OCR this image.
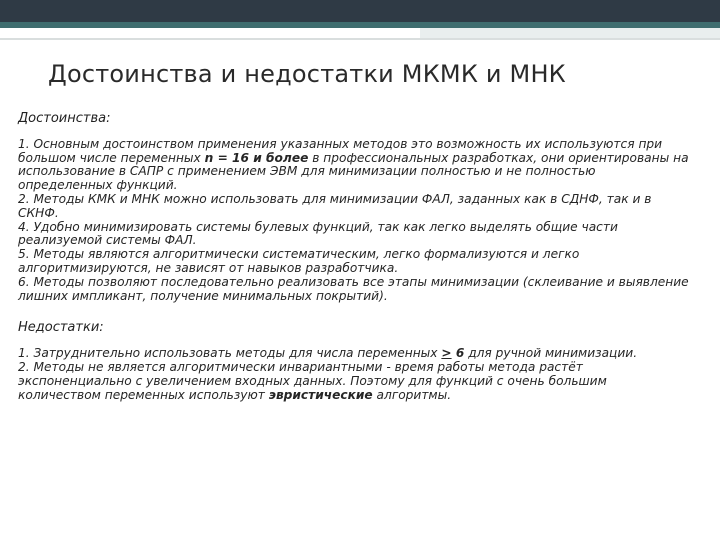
Достоинства и недостатки МКМК и МНК

Достоинства:

1. Основным достоинством применения указанных методов это возможность их используются при большом числе переменных n = 16 и более в профессиональных разработках, они ориентированы на использование в САПР с применением ЭВМ для минимизации полностью и не полностью определенных функций.

2. Методы КМК и МНК можно использовать для минимизации ФАЛ, заданных как в СДНФ, так и в СКНФ.

4. Удобно минимизировать системы булевых функций, так как легко выделять общие части реализуемой системы ФАЛ.

5. Методы являются алгоритмически систематическим, легко формализуются и легко алгоритмизируются, не зависят от навыков разработчика.

6. Методы позволяют последовательно реализовать все этапы минимизации (склеивание и выявление лишних импликант, получение минимальных покрытий).

Недостатки:

1. Затруднительно использовать методы для числа переменных ≥ 6 для ручной минимизации.

2. Методы не является алгоритмически инвариантными - время работы метода растёт экспоненциально с увеличением входных данных. Поэтому для функций с очень большим количеством переменных используют эвристические алгоритмы.
